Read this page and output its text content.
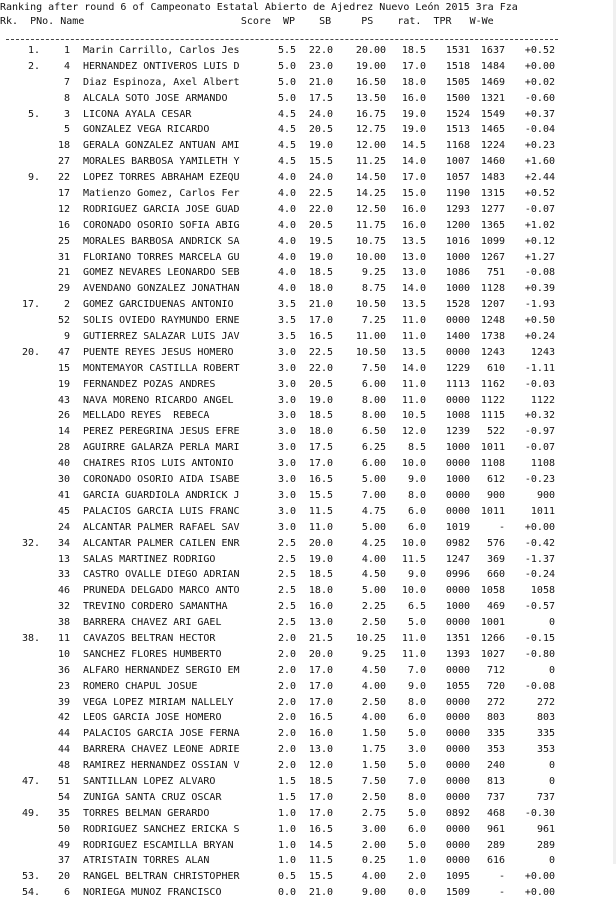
Ranking after round 6 of Campeonato Estatal Abierto de Ajedrez Nuevo León 2015 3ra Fza
Rk.  PNo. Name                          Score  WP    SB     PS    rat.  TPR   W-We
1.	1 Marin Carrillo, Carlos Jes	5.5	22.0	20.00	18.5	1531	1637	+0.52
2.	4 HERNANDEZ ONTIVEROS LUIS D	5.0	23.0	19.00	17.0	1518	1484	+0.00
7 Diaz Espinoza, Axel Albert	5.0	21.0	16.50	18.0	1505	1469	+0.02
8 ALCALA SOTO JOSE ARMANDO	5.0	17.5	13.50	16.0	1500	1321	-0.60
5.	3 LICONA AYALA CESAR	4.5	24.0	16.75	19.0	1524	1549	+0.37
5 GONZALEZ VEGA RICARDO	4.5	20.5	12.75	19.0	1513	1465	-0.04
18 GERALA GONZALEZ ANTUAN AMI	4.5	19.0	12.00	14.5	1168	1224	+0.23
27 MORALES BARBOSA YAMILETH Y	4.5	15.5	11.25	14.0	1007	1460	+1.60
9.	22 LOPEZ TORRES ABRAHAM EZEQU	4.0	24.0	14.50	17.0	1057	1483	+2.44
17 Matienzo Gomez, Carlos Fer	4.0	22.5	14.25	15.0	1190	1315	+0.52
12 RODRIGUEZ GARCIA JOSE GUAD	4.0	22.0	12.50	16.0	1293	1277	-0.07
16 CORONADO OSORIO SOFIA ABIG	4.0	20.5	11.75	16.0	1200	1365	+1.02
25 MORALES BARBOSA ANDRICK SA	4.0	19.5	10.75	13.5	1016	1099	+0.12
31 FLORIANO TORRES MARCELA GU	4.0	19.0	10.00	13.0	1000	1267	+1.27
21 GOMEZ NEVARES LEONARDO SEB	4.0	18.5	9.25	13.0	1086	751	-0.08
29 AVENDAÑO GONZALEZ JONATHAN	4.0	18.0	8.75	14.0	1000	1128	+0.39
17.	2 GOMEZ GARCIDUEÑAS ANTONIO	3.5	21.0	10.50	13.5	1528	1207	-1.93
52 SOLIS OVIEDO RAYMUNDO ERNE	3.5	17.0	7.25	11.0	0000	1248	+0.50
9 GUTIERREZ SALAZAR LUIS JAV	3.5	16.5	11.00	11.0	1400	1738	+0.24
20.	47 PUENTE REYES JESUS HOMERO	3.0	22.5	10.50	13.5	0000	1243	1243
15 MONTEMAYOR CASTILLA ROBERT	3.0	22.0	7.50	14.0	1229	610	-1.11
19 FERNANDEZ POZAS ANDRES	3.0	20.5	6.00	11.0	1113	1162	-0.03
43 NAVA MORENO RICARDO ANGEL	3.0	19.0	8.00	11.0	0000	1122	1122
26 MELLADO REYES  REBECA	3.0	18.5	8.00	10.5	1008	1115	+0.32
14 PEREZ PEREGRINA JESUS EFRE	3.0	18.0	6.50	12.0	1239	522	-0.97
28 AGUIRRE GALARZA PERLA MARI	3.0	17.5	6.25	8.5	1000	1011	-0.07
40 CHAIRES RIOS LUIS ANTONIO	3.0	17.0	6.00	10.0	0000	1108	1108
30 CORONADO OSORIO AIDA ISABE	3.0	16.5	5.00	9.0	1000	612	-0.23
41 GARCIA GUARDIOLA ANDRICK J	3.0	15.5	7.00	8.0	0000	900	900
45 PALACIOS GARCIA LUIS FRANC	3.0	11.5	4.75	6.0	0000	1011	1011
24 ALCANTAR PALMER RAFAEL SAV	3.0	11.0	5.00	6.0	1019	-	+0.00
32.	34 ALCANTAR PALMER CAILEN ENR	2.5	20.0	4.25	10.0	0982	576	-0.42
13 SALAS MARTINEZ RODRIGO	2.5	19.0	4.00	11.5	1247	369	-1.37
33 CASTRO OVALLE DIEGO ADRIAN	2.5	18.5	4.50	9.0	0996	660	-0.24
46 PRUNEDA DELGADO MARCO ANTO	2.5	18.0	5.00	10.0	0000	1058	1058
32 TREVIÑO CORDERO SAMANTHA	2.5	16.0	2.25	6.5	1000	469	-0.57
38 BARRERA CHAVEZ ARI GAEL	2.5	13.0	2.50	5.0	0000	1001	0
38.	11 CAVAZOS BELTRAN HECTOR	2.0	21.5	10.25	11.0	1351	1266	-0.15
10 SANCHEZ FLORES HUMBERTO	2.0	20.0	9.25	11.0	1393	1027	-0.80
36 ALFARO HERNANDEZ SERGIO EM	2.0	17.0	4.50	7.0	0000	712	0
23 ROMERO CHAPUL JOSUE	2.0	17.0	4.00	9.0	1055	720	-0.08
39 VEGA LOPEZ MIRIAM NALLELY	2.0	17.0	2.50	8.0	0000	272	272
42 LEOS GARCIA JOSE HOMERO	2.0	16.5	4.00	6.0	0000	803	803
44 PALACIOS GARCIA JOSE FERNA	2.0	16.0	1.50	5.0	0000	335	335
44 BARRERA CHAVEZ LEONE ADRIE	2.0	13.0	1.75	3.0	0000	353	353
48 RAMIREZ HERNANDEZ OSSIAN V	2.0	12.0	1.50	5.0	0000	240	0
47.	51 SANTILLAN LOPEZ ALVARO	1.5	18.5	7.50	7.0	0000	813	0
54 ZUÑIGA SANTA CRUZ OSCAR	1.5	17.0	2.50	8.0	0000	737	737
49.	35 TORRES BELMAN GERARDO	1.0	17.0	2.75	5.0	0892	468	-0.30
50 RODRIGUEZ SANCHEZ ERICKA S	1.0	16.5	3.00	6.0	0000	961	961
49 RODRIGUEZ ESCAMILLA BRYAN	1.0	14.5	2.00	5.0	0000	289	289
37 ATRISTAIN TORRES ALAN	1.0	11.5	0.25	1.0	0000	616	0
53.	20 RANGEL BELTRAN CHRISTOPHER	0.5	15.5	4.00	2.0	1095	-	+0.00
54.	6 NORIEGA MUÑOZ FRANCISCO	0.0	21.0	9.00	0.0	1509	-	+0.00
